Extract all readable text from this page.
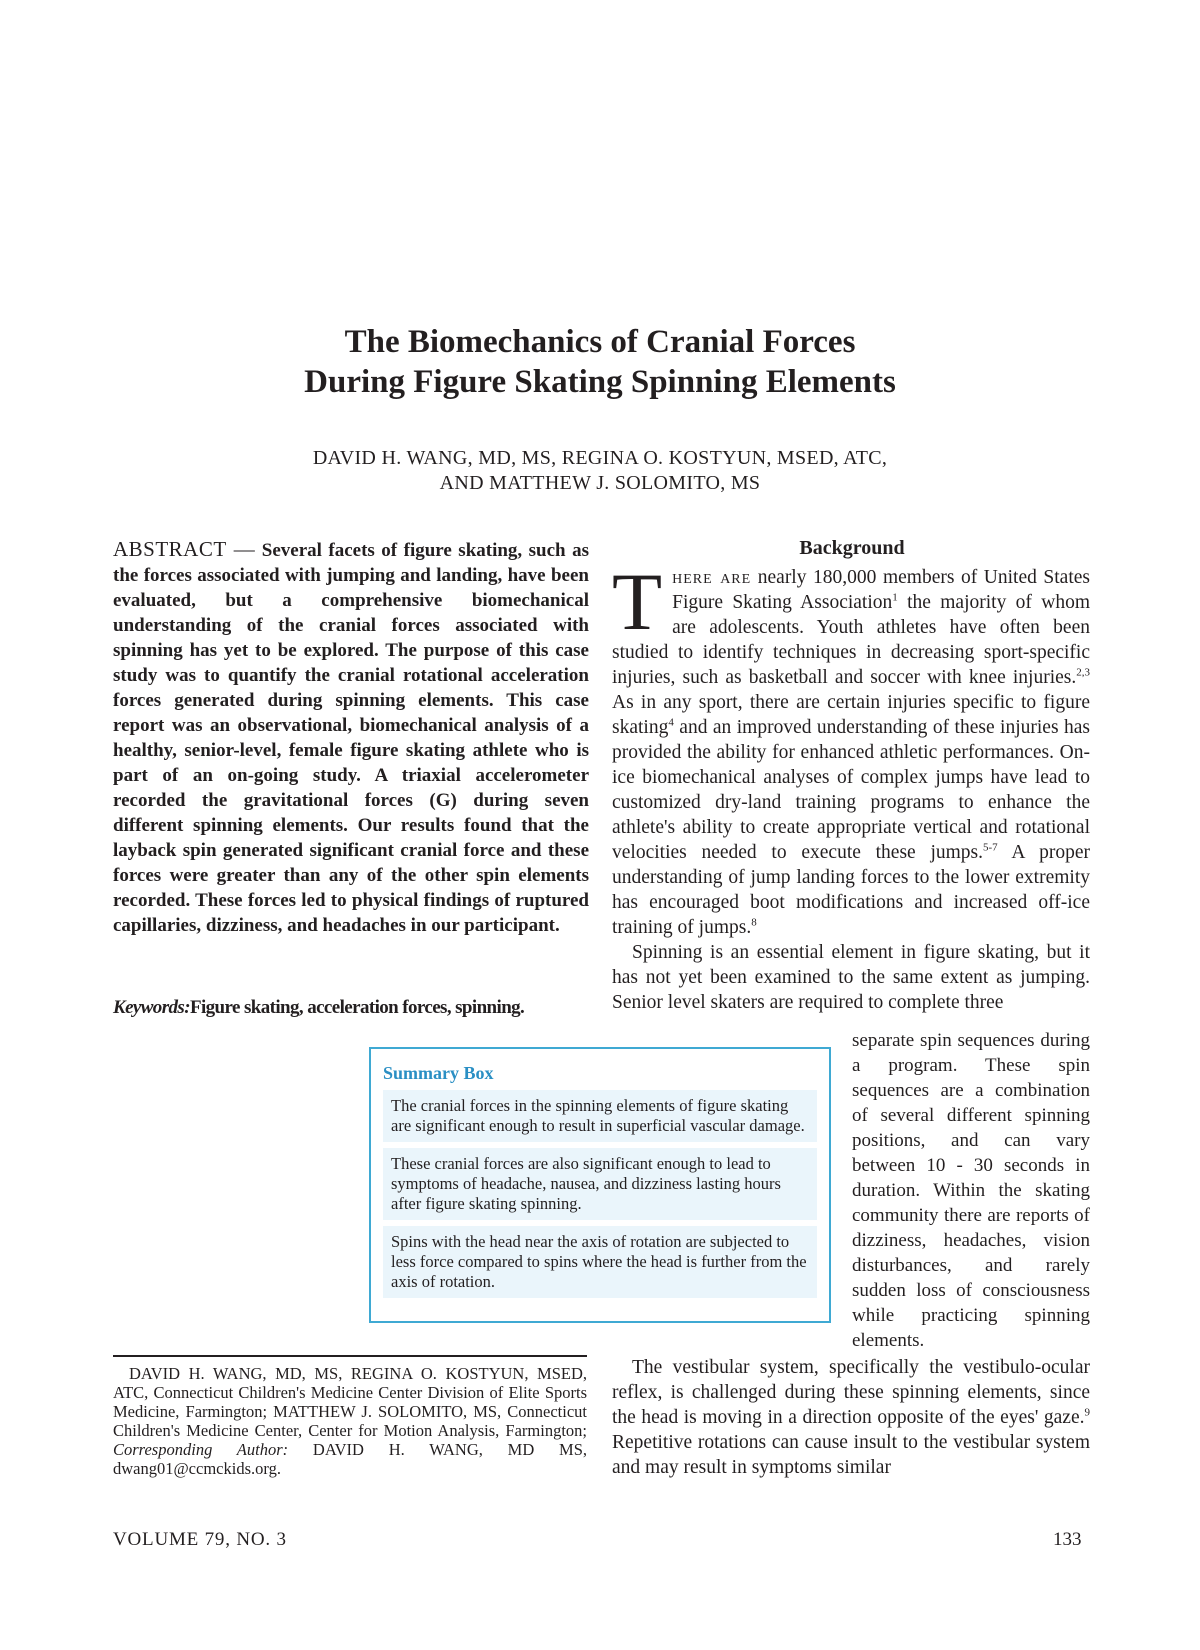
The Biomechanics of Cranial Forces
During Figure Skating Spinning Elements
DAVID H. WANG, MD, MS, REGINA O. KOSTYUN, MSED, ATC,
AND MATTHEW J. SOLOMITO, MS

ABSTRACT — Several facets of figure skating, such as the forces associated with jumping and landing, have been evaluated, but a comprehensive biomechanical understanding of the cranial forces associated with spinning has yet to be explored. The purpose of this case study was to quantify the cranial rotational acceleration forces generated during spinning elements. This case report was an observational, biomechanical analysis of a healthy, senior-level, female figure skating athlete who is part of an on-going study. A triaxial accelerometer recorded the gravitational forces (G) during seven different spinning elements. Our results found that the layback spin generated significant cranial force and these forces were greater than any of the other spin elements recorded. These forces led to physical findings of ruptured capillaries, dizziness, and headaches in our participant.

Keywords:Figure skating, acceleration forces, spinning.

Background

There are nearly 180,000 members of United States Figure Skating Association$^1$ the majority of whom are adolescents. Youth athletes have often been studied to identify techniques in decreasing sport-specific injuries, such as basketball and soccer with knee injuries.$^{2,3}$ As in any sport, there are certain injuries specific to figure skating$^4$ and an improved understanding of these injuries has provided the ability for enhanced athletic performances. On-ice biomechanical analyses of complex jumps have lead to customized dry-land training programs to enhance the athlete's ability to create appropriate vertical and rotational velocities needed to execute these jumps.$^{5-7}$ A proper understanding of jump landing forces to the lower extremity has encouraged boot modifications and increased off-ice training of jumps.$^8$

Spinning is an essential element in figure skating, but it has not yet been examined to the same extent as jumping. Senior level skaters are required to complete three

separate spin sequences during a program. These spin sequences are a combination of several different spinning positions, and can vary between 10 - 30 seconds in duration. Within the skating community there are reports of dizziness, headaches, vision disturbances, and rarely sudden loss of consciousness while practicing spinning elements.

Summary Box

The cranial forces in the spinning elements of figure skating are significant enough to result in superficial vascular damage.
These cranial forces are also significant enough to lead to symptoms of headache, nausea, and dizziness lasting hours after figure skating spinning.
Spins with the head near the axis of rotation are subjected to less force compared to spins where the head is further from the axis of rotation.

The vestibular system, specifically the vestibulo-ocular reflex, is challenged during these spinning elements, since the head is moving in a direction opposite of the eyes' gaze.$^9$ Repetitive rotations can cause insult to the vestibular system and may result in symptoms similar

DAVID H. WANG, MD, MS, REGINA O. KOSTYUN, MSED, ATC, Connecticut Children's Medicine Center Division of Elite Sports Medicine, Farmington; MATTHEW J. SOLOMITO, MS, Connecticut Children's Medicine Center, Center for Motion Analysis, Farmington; Corresponding Author: DAVID H. WANG, MD MS, dwang01@ccmckids.org.

VOLUME 79, NO. 3	133
